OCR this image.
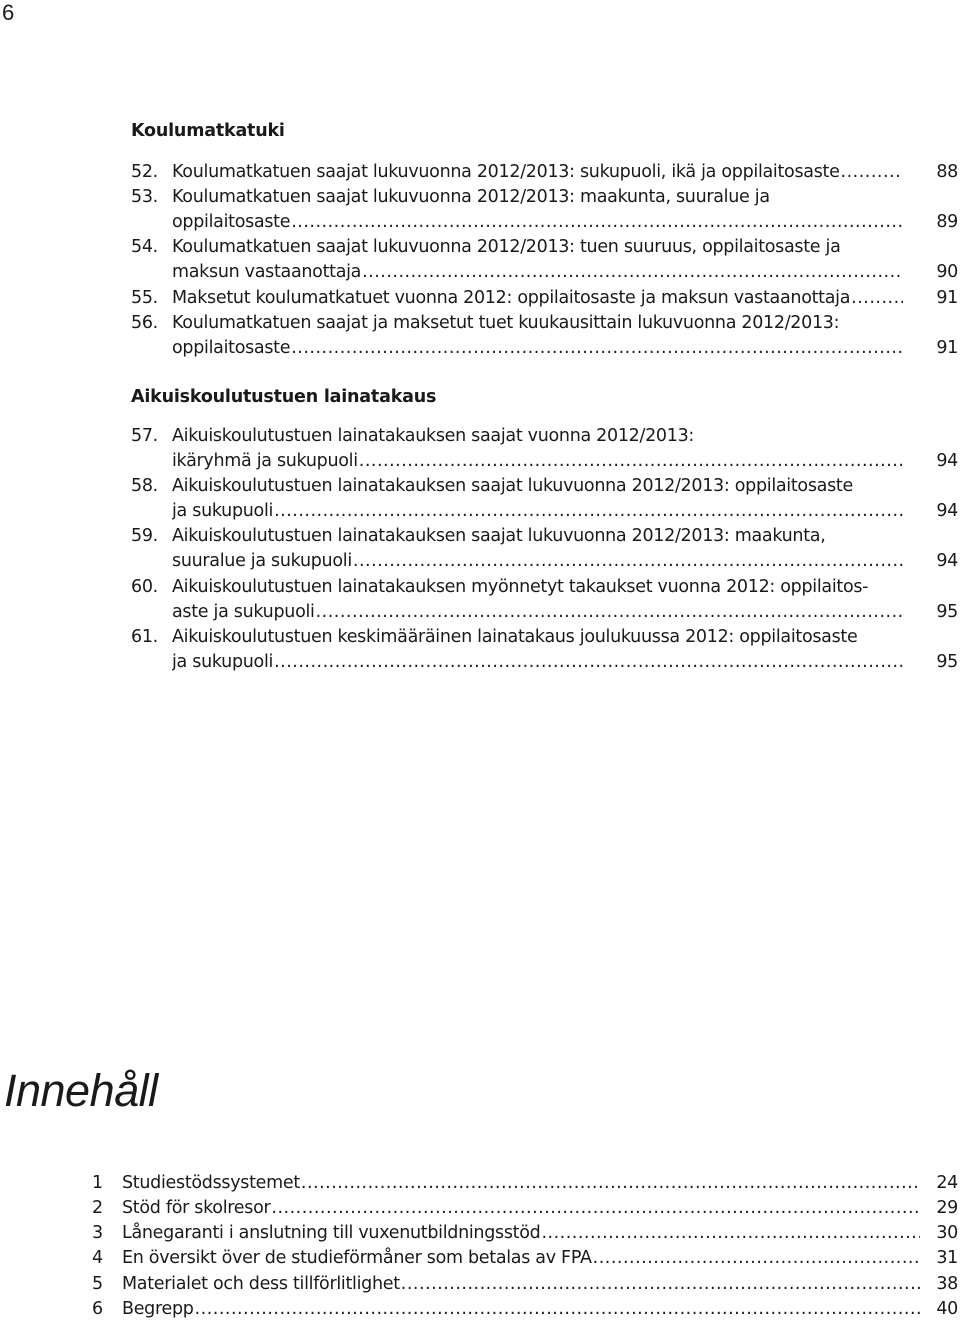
6
Koulumatkatuki
52. Koulumatkatuen saajat lukuvuonna 2012/2013: sukupuoli, ikä ja oppilaitosaste .....	88
53. Koulumatkatuen saajat lukuvuonna 2012/2013: maakunta, suuralue ja
oppilaitosaste .....	89
54. Koulumatkatuen saajat lukuvuonna 2012/2013: tuen suuruus, oppilaitosaste ja
maksun vastaanottaja .....	90
55. Maksetut koulumatkatuet vuonna 2012: oppilaitosaste ja maksun vastaanottaja .....	91
56. Koulumatkatuen saajat ja maksetut tuet kuukausittain lukuvuonna 2012/2013:
oppilaitosaste .....	91
Aikuiskoulutustuen lainatakaus
57. Aikuiskoulutustuen lainatakauksen saajat vuonna 2012/2013:
ikäryhmä ja sukupuoli .....	94
58. Aikuiskoulutustuen lainatakauksen saajat lukuvuonna 2012/2013: oppilaitosaste
ja sukupuoli .....	94
59. Aikuiskoulutustuen lainatakauksen saajat lukuvuonna 2012/2013: maakunta,
suuralue ja sukupuoli .....	94
60. Aikuiskoulutustuen lainatakauksen myönnetyt takaukset vuonna 2012: oppilaitos-
aste ja sukupuoli .....	95
61. Aikuiskoulutustuen keskimääräinen lainatakaus joulukuussa 2012: oppilaitosaste
ja sukupuoli .....	95
Innehåll
1 Studiestödssystemet .....	24
2 Stöd för skolresor .....	29
3 Lånegaranti i anslutning till vuxenutbildningsstöd .....	30
4 En översikt över de studieförmåner som betalas av FPA .....	31
5 Materialet och dess tillförlitlighet .....	38
6 Begrepp .....	40
